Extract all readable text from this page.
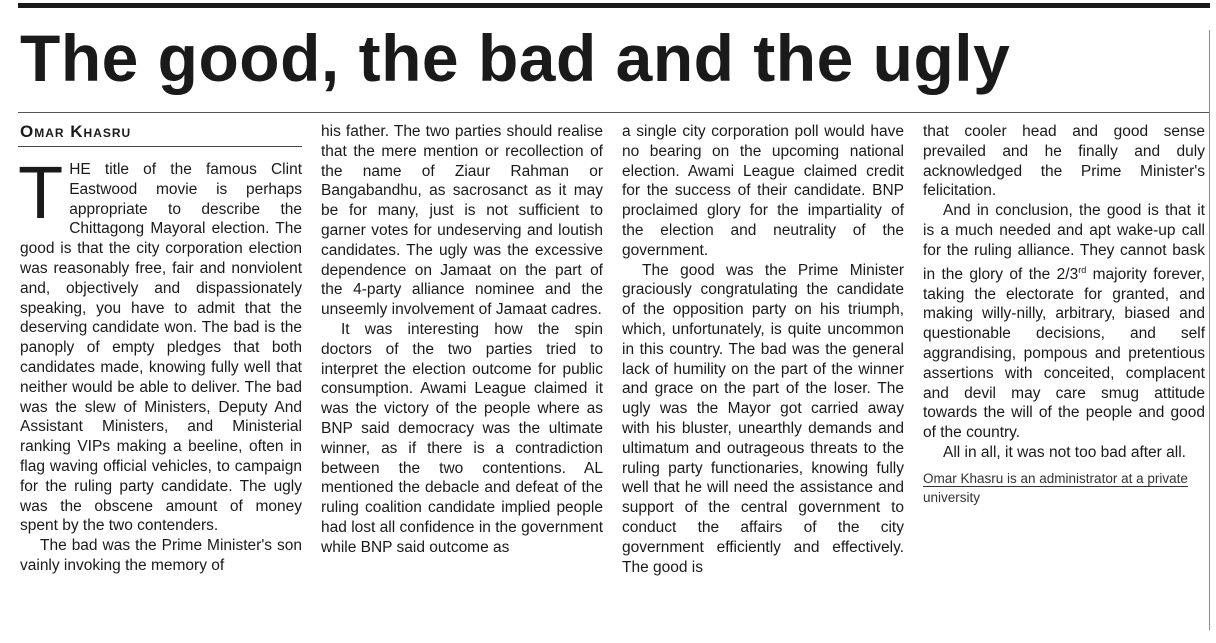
The good, the bad and the ugly
Omar Khasru

THE title of the famous Clint Eastwood movie is perhaps appropriate to describe the Chittagong Mayoral election. The good is that the city corporation election was reasonably free, fair and nonviolent and, objectively and dispassionately speaking, you have to admit that the deserving candidate won. The bad is the panoply of empty pledges that both candidates made, knowing fully well that neither would be able to deliver. The bad was the slew of Ministers, Deputy And Assistant Ministers, and Ministerial ranking VIPs making a beeline, often in flag waving official vehicles, to campaign for the ruling party candidate. The ugly was the obscene amount of money spent by the two contenders.

The bad was the Prime Minister's son vainly invoking the memory of

his father. The two parties should realise that the mere mention or recollection of the name of Ziaur Rahman or Bangabandhu, as sacrosanct as it may be for many, just is not sufficient to garner votes for undeserving and loutish candidates. The ugly was the excessive dependence on Jamaat on the part of the 4-party alliance nominee and the unseemly involvement of Jamaat cadres.

It was interesting how the spin doctors of the two parties tried to interpret the election outcome for public consumption. Awami League claimed it was the victory of the people where as BNP said democracy was the ultimate winner, as if there is a contradiction between the two contentions. AL mentioned the debacle and defeat of the ruling coalition candidate implied people had lost all confidence in the government while BNP said outcome as

a single city corporation poll would have no bearing on the upcoming national election. Awami League claimed credit for the success of their candidate. BNP proclaimed glory for the impartiality of the election and neutrality of the government.

The good was the Prime Minister graciously congratulating the candidate of the opposition party on his triumph, which, unfortunately, is quite uncommon in this country. The bad was the general lack of humility on the part of the winner and grace on the part of the loser. The ugly was the Mayor got carried away with his bluster, unearthly demands and ultimatum and outrageous threats to the ruling party functionaries, knowing fully well that he will need the assistance and support of the central government to conduct the affairs of the city government efficiently and effectively. The good is

that cooler head and good sense prevailed and he finally and duly acknowledged the Prime Minister's felicitation.

And in conclusion, the good is that it is a much needed and apt wake-up call for the ruling alliance. They cannot bask in the glory of the 2/3rd majority forever, taking the electorate for granted, and making willy-nilly, arbitrary, biased and questionable decisions, and self aggrandising, pompous and pretentious assertions with conceited, complacent and devil may care smug attitude towards the will of the people and good of the country.

All in all, it was not too bad after all.

Omar Khasru is an administrator at a private
university
